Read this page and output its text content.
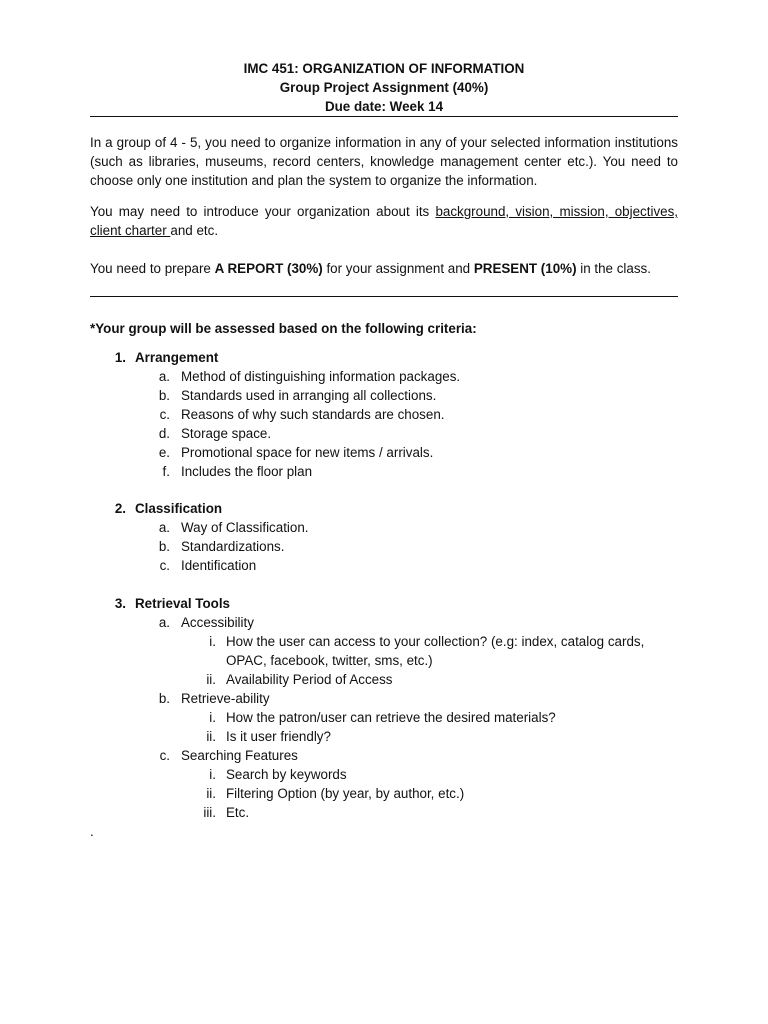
IMC 451: ORGANIZATION OF INFORMATION
Group Project Assignment (40%)
Due date: Week 14
In a group of 4 - 5, you need to organize information in any of your selected information institutions (such as libraries, museums, record centers, knowledge management center etc.). You need to choose only one institution and plan the system to organize the information.
You may need to introduce your organization about its background, vision, mission, objectives, client charter and etc.
You need to prepare A REPORT (30%) for your assignment and PRESENT (10%) in the class.
*Your group will be assessed based on the following criteria:
1. Arrangement
a. Method of distinguishing information packages.
b. Standards used in arranging all collections.
c. Reasons of why such standards are chosen.
d. Storage space.
e. Promotional space for new items / arrivals.
f. Includes the floor plan
2. Classification
a. Way of Classification.
b. Standardizations.
c. Identification
3. Retrieval Tools
a. Accessibility
i. How the user can access to your collection? (e.g: index, catalog cards,
OPAC, facebook, twitter, sms, etc.)
ii. Availability Period of Access
b. Retrieve-ability
i. How the patron/user can retrieve the desired materials?
ii. Is it user friendly?
c. Searching Features
i. Search by keywords
ii. Filtering Option (by year, by author, etc.)
iii. Etc.
.
